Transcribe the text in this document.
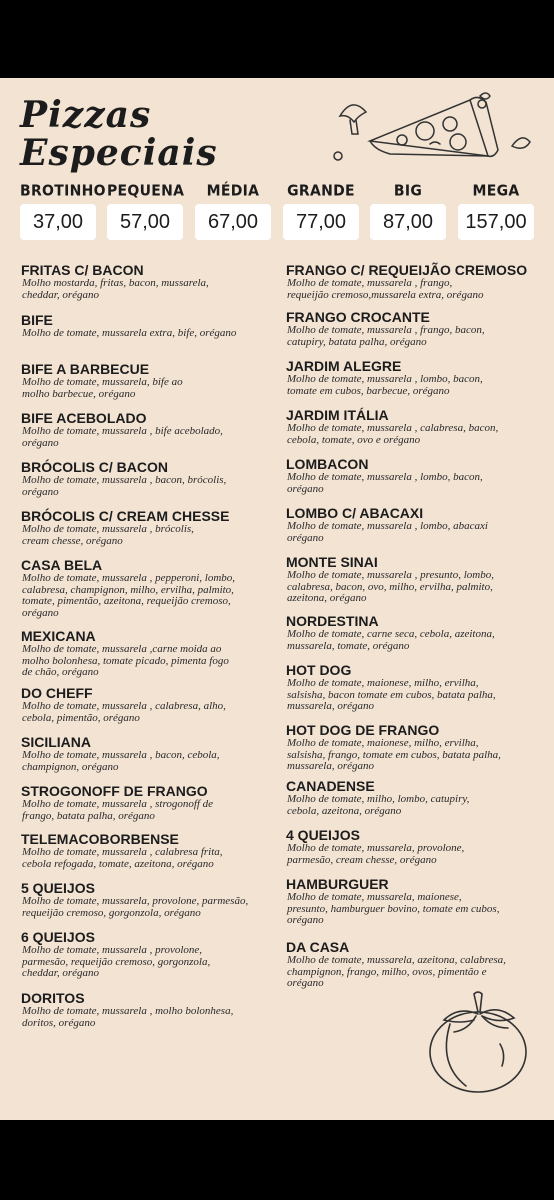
Pizzas
Especiais
BROTINHO
37,00
PEQUENA
57,00
MÉDIA
67,00
GRANDE
77,00
BIG
87,00
MEGA
157,00
FRITAS C/ BACON
Molho mostarda, fritas, bacon, mussarela,
cheddar, orégano
BIFE
Molho de tomate, mussarela extra, bife, orégano
BIFE A BARBECUE
Molho de tomate, mussarela, bife ao
molho barbecue, orégano
BIFE ACEBOLADO
Molho de tomate, mussarela , bife acebolado,
orégano
BRÓCOLIS C/ BACON
Molho de tomate, mussarela , bacon, brócolis,
orégano
BRÓCOLIS C/ CREAM CHESSE
Molho de tomate, mussarela , brócolis,
cream chesse, orégano
CASA BELA
Molho de tomate, mussarela , pepperoni, lombo,
calabresa, champignon, milho, ervilha, palmito,
tomate, pimentão, azeitona, requeijão cremoso,
orégano
MEXICANA
Molho de tomate, mussarela ,carne moida ao
molho bolonhesa, tomate picado, pimenta fogo
de chão, orégano
DO CHEFF
Molho de tomate, mussarela , calabresa, alho,
cebola, pimentão, orégano
SICILIANA
Molho de tomate, mussarela , bacon, cebola,
champignon, orégano
STROGONOFF DE FRANGO
Molho de tomate, mussarela , strogonoff de
frango, batata palha, orégano
TELEMACOBORBENSE
Molho de tomate, mussarela , calabresa frita,
cebola refogada, tomate, azeitona, orégano
5 QUEIJOS
Molho de tomate, mussarela, provolone, parmesão,
requeijão cremoso, gorgonzola, orégano
6 QUEIJOS
Molho de tomate, mussarela , provolone,
parmesão, requeijão cremoso, gorgonzola,
cheddar, orégano
DORITOS
Molho de tomate, mussarela , molho bolonhesa,
doritos, orégano
FRANGO C/ REQUEIJÃO CREMOSO
Molho de tomate, mussarela , frango,
requeijão cremoso,mussarela extra, orégano
FRANGO CROCANTE
Molho de tomate, mussarela , frango, bacon,
catupiry, batata palha, orégano
JARDIM ALEGRE
Molho de tomate, mussarela , lombo, bacon,
tomate em cubos, barbecue, orégano
JARDIM ITÁLIA
Molho de tomate, mussarela , calabresa, bacon,
cebola, tomate, ovo e orégano
LOMBACON
Molho de tomate, mussarela , lombo, bacon,
orégano
LOMBO C/ ABACAXI
Molho de tomate, mussarela , lombo, abacaxi
orégano
MONTE SINAI
Molho de tomate, mussarela , presunto, lombo,
calabresa, bacon, ovo, milho, ervilha, palmito,
azeitona, orégano
NORDESTINA
Molho de tomate, carne seca, cebola, azeitona,
mussarela, tomate, orégano
HOT DOG
Molho de tomate, maionese, milho, ervilha,
salsisha, bacon tomate em cubos, batata palha,
mussarela, orégano
HOT DOG DE FRANGO
Molho de tomate, maionese, milho, ervilha,
salsisha, frango, tomate em cubos, batata palha,
mussarela, orégano
CANADENSE
Molho de tomate, milho, lombo, catupiry,
cebola, azeitona, orégano
4 QUEIJOS
Molho de tomate, mussarela, provolone,
parmesão, cream chesse, orégano
HAMBURGUER
Molho de tomate, mussarela, maionese,
presunto, hamburguer bovino, tomate em cubos,
orégano
DA CASA
Molho de tomate, mussarela, azeitona, calabresa,
champignon, frango, milho, ovos, pimentão e
orégano
